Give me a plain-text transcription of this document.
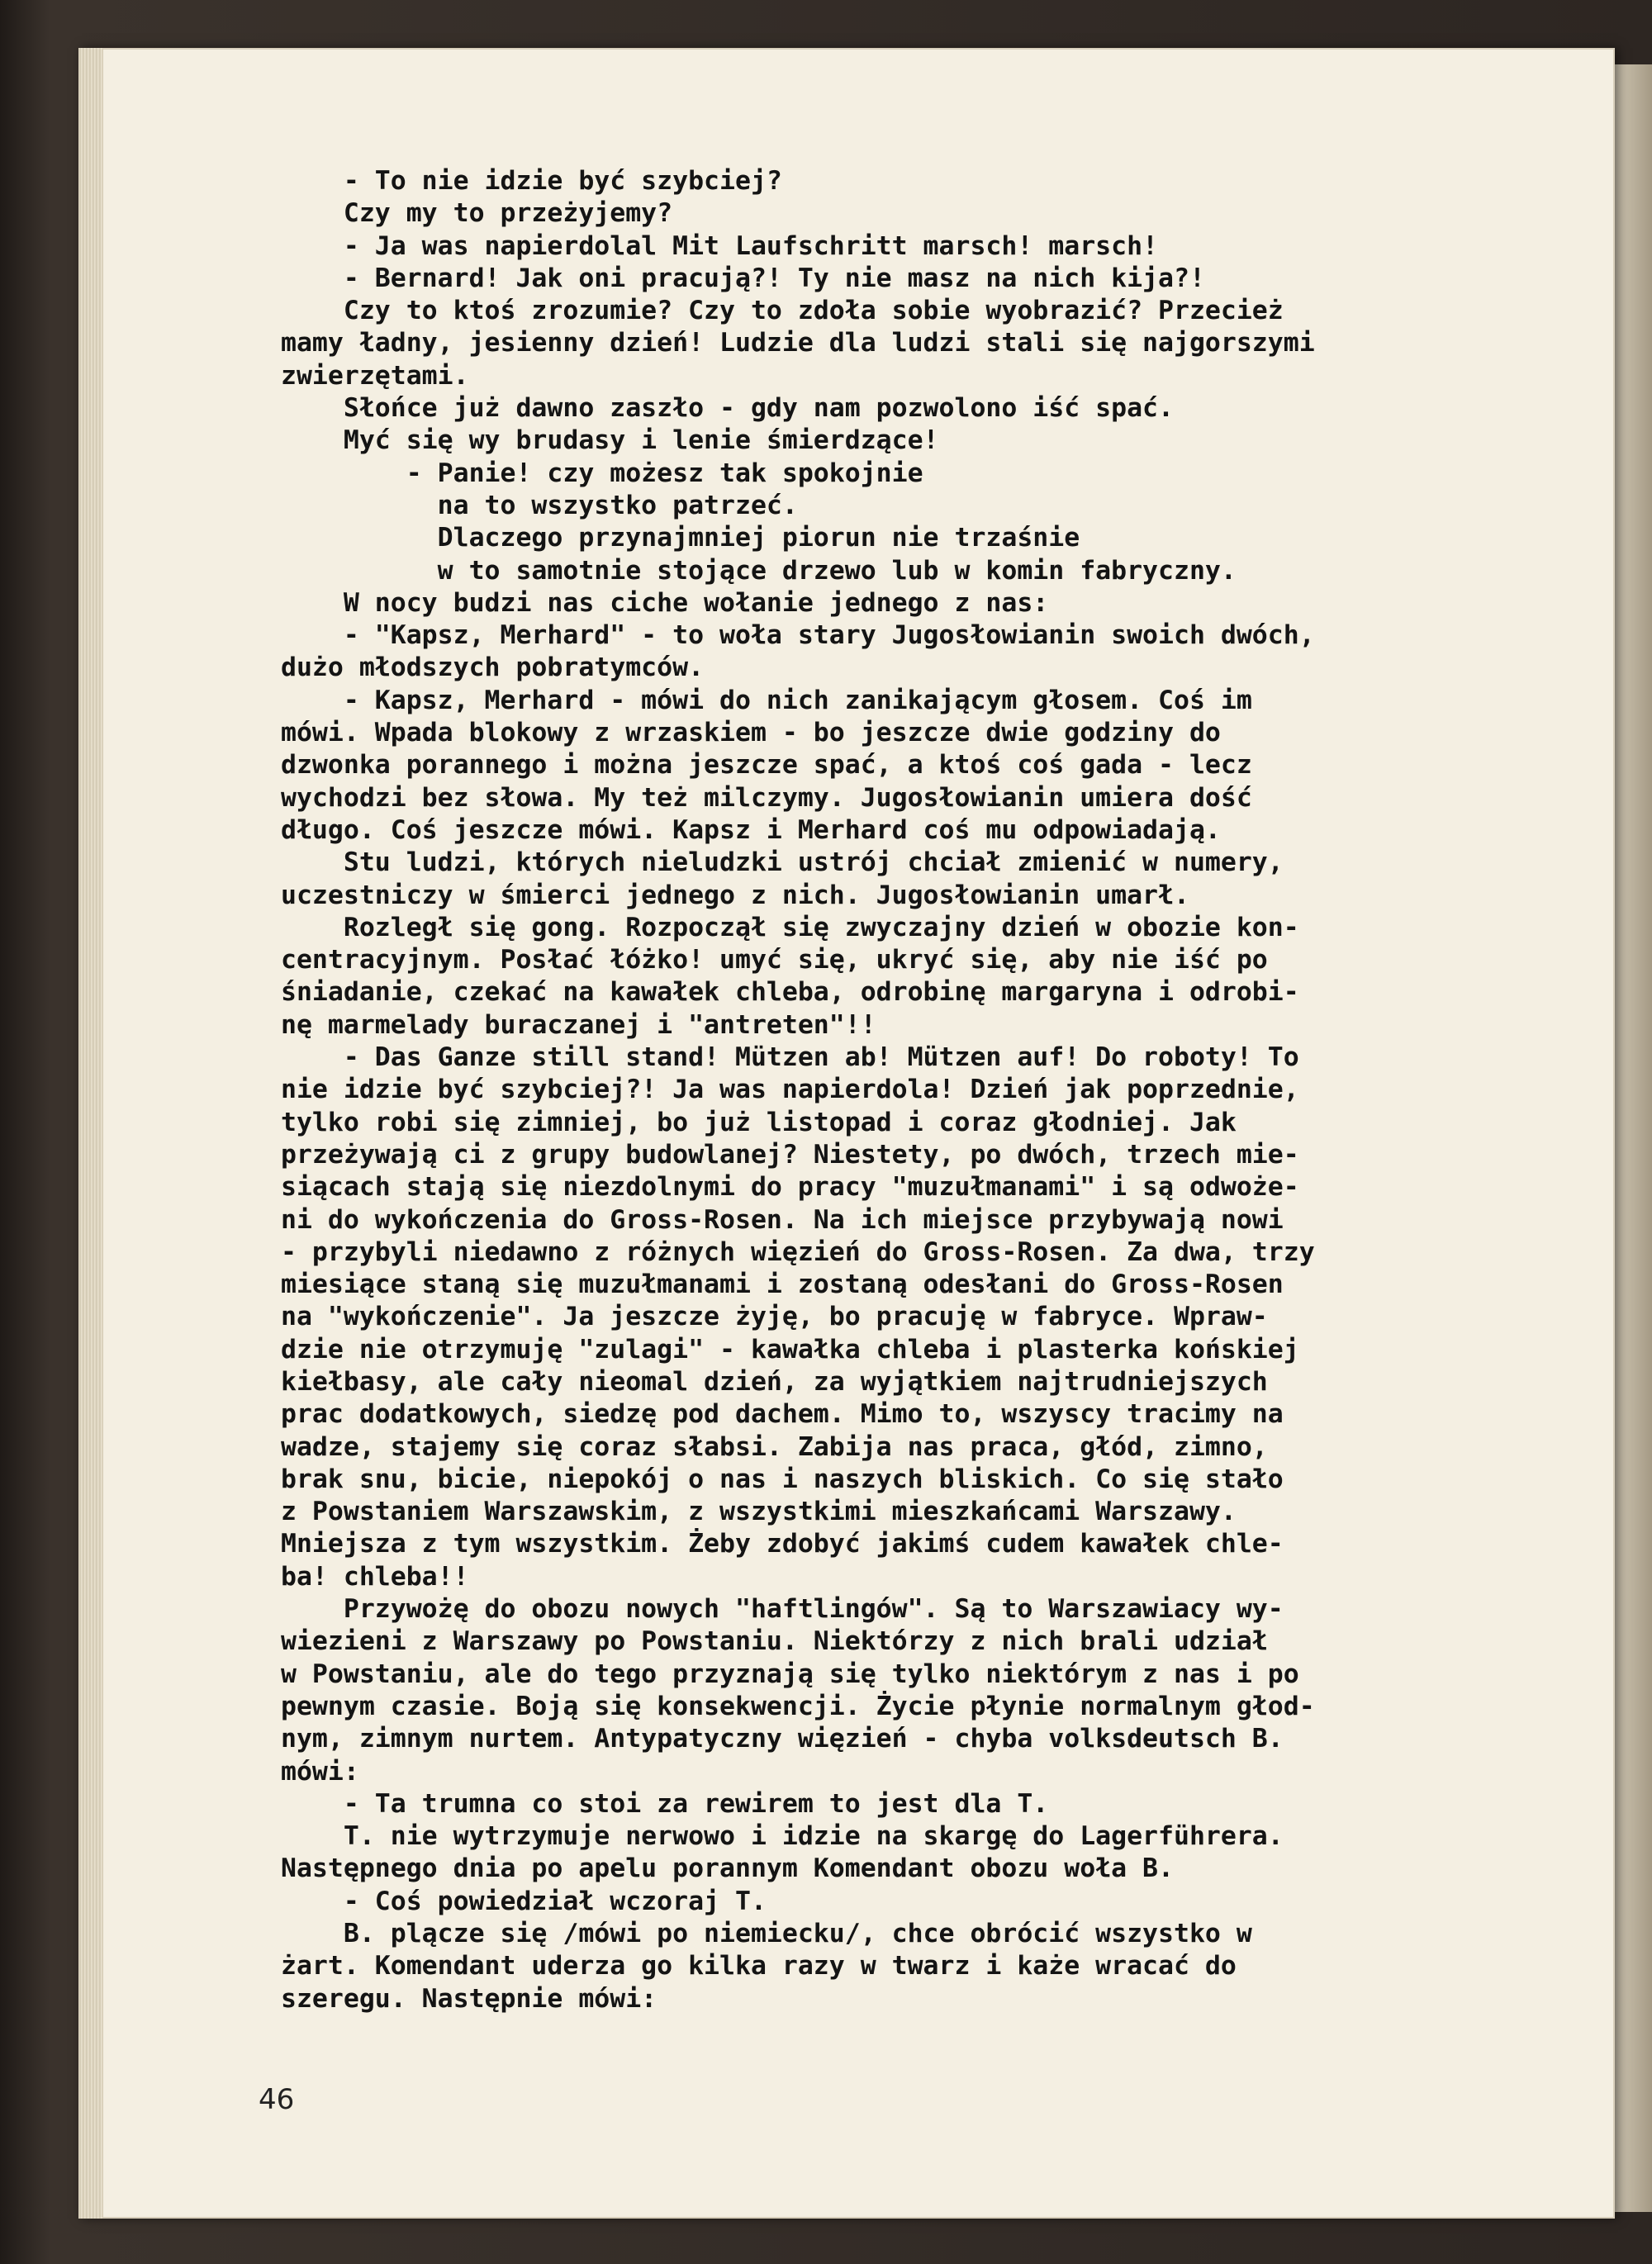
- To nie idzie być szybciej?
Czy my to przeżyjemy?
- Ja was napierdolal Mit Laufschritt marsch! marsch!
- Bernard! Jak oni pracują?! Ty nie masz na nich kija?!
Czy to ktoś zrozumie? Czy to zdoła sobie wyobrazić? Przecież
mamy ładny, jesienny dzień! Ludzie dla ludzi stali się najgorszymi
zwierzętami.
Słońce już dawno zaszło - gdy nam pozwolono iść spać.
Myć się wy brudasy i lenie śmierdzące!
- Panie! czy możesz tak spokojnie
na to wszystko patrzeć.
Dlaczego przynajmniej piorun nie trzaśnie
w to samotnie stojące drzewo lub w komin fabryczny.
W nocy budzi nas ciche wołanie jednego z nas:
- "Kapsz, Merhard" - to woła stary Jugosłowianin swoich dwóch,
dużo młodszych pobratymców.
- Kapsz, Merhard - mówi do nich zanikającym głosem. Coś im
mówi. Wpada blokowy z wrzaskiem - bo jeszcze dwie godziny do
dzwonka porannego i można jeszcze spać, a ktoś coś gada - lecz
wychodzi bez słowa. My też milczymy. Jugosłowianin umiera dość
długo. Coś jeszcze mówi. Kapsz i Merhard coś mu odpowiadają.
Stu ludzi, których nieludzki ustrój chciał zmienić w numery,
uczestniczy w śmierci jednego z nich. Jugosłowianin umarł.
Rozległ się gong. Rozpoczął się zwyczajny dzień w obozie kon-
centracyjnym. Posłać łóżko! umyć się, ukryć się, aby nie iść po
śniadanie, czekać na kawałek chleba, odrobinę margaryna i odrobi-
nę marmelady buraczanej i "antreten"!!
- Das Ganze still stand! Mützen ab! Mützen auf! Do roboty! To
nie idzie być szybciej?! Ja was napierdola! Dzień jak poprzednie,
tylko robi się zimniej, bo już listopad i coraz głodniej. Jak
przeżywają ci z grupy budowlanej? Niestety, po dwóch, trzech mie-
siącach stają się niezdolnymi do pracy "muzułmanami" i są odwoże-
ni do wykończenia do Gross-Rosen. Na ich miejsce przybywają nowi
- przybyli niedawno z różnych więzień do Gross-Rosen. Za dwa, trzy
miesiące staną się muzułmanami i zostaną odesłani do Gross-Rosen
na "wykończenie". Ja jeszcze żyję, bo pracuję w fabryce. Wpraw-
dzie nie otrzymuję "zulagi" - kawałka chleba i plasterka końskiej
kiełbasy, ale cały nieomal dzień, za wyjątkiem najtrudniejszych
prac dodatkowych, siedzę pod dachem. Mimo to, wszyscy tracimy na
wadze, stajemy się coraz słabsi. Zabija nas praca, głód, zimno,
brak snu, bicie, niepokój o nas i naszych bliskich. Co się stało
z Powstaniem Warszawskim, z wszystkimi mieszkańcami Warszawy.
Mniejsza z tym wszystkim. Żeby zdobyć jakimś cudem kawałek chle-
ba! chleba!!
Przywożę do obozu nowych "haftlingów". Są to Warszawiacy wy-
wiezieni z Warszawy po Powstaniu. Niektórzy z nich brali udział
w Powstaniu, ale do tego przyznają się tylko niektórym z nas i po
pewnym czasie. Boją się konsekwencji. Życie płynie normalnym głod-
nym, zimnym nurtem. Antypatyczny więzień - chyba volksdeutsch B.
mówi:
- Ta trumna co stoi za rewirem to jest dla T.
T. nie wytrzymuje nerwowo i idzie na skargę do Lagerführera.
Następnego dnia po apelu porannym Komendant obozu woła B.
- Coś powiedział wczoraj T.
B. plącze się /mówi po niemiecku/, chce obrócić wszystko w
żart. Komendant uderza go kilka razy w twarz i każe wracać do
szeregu. Następnie mówi:
46
